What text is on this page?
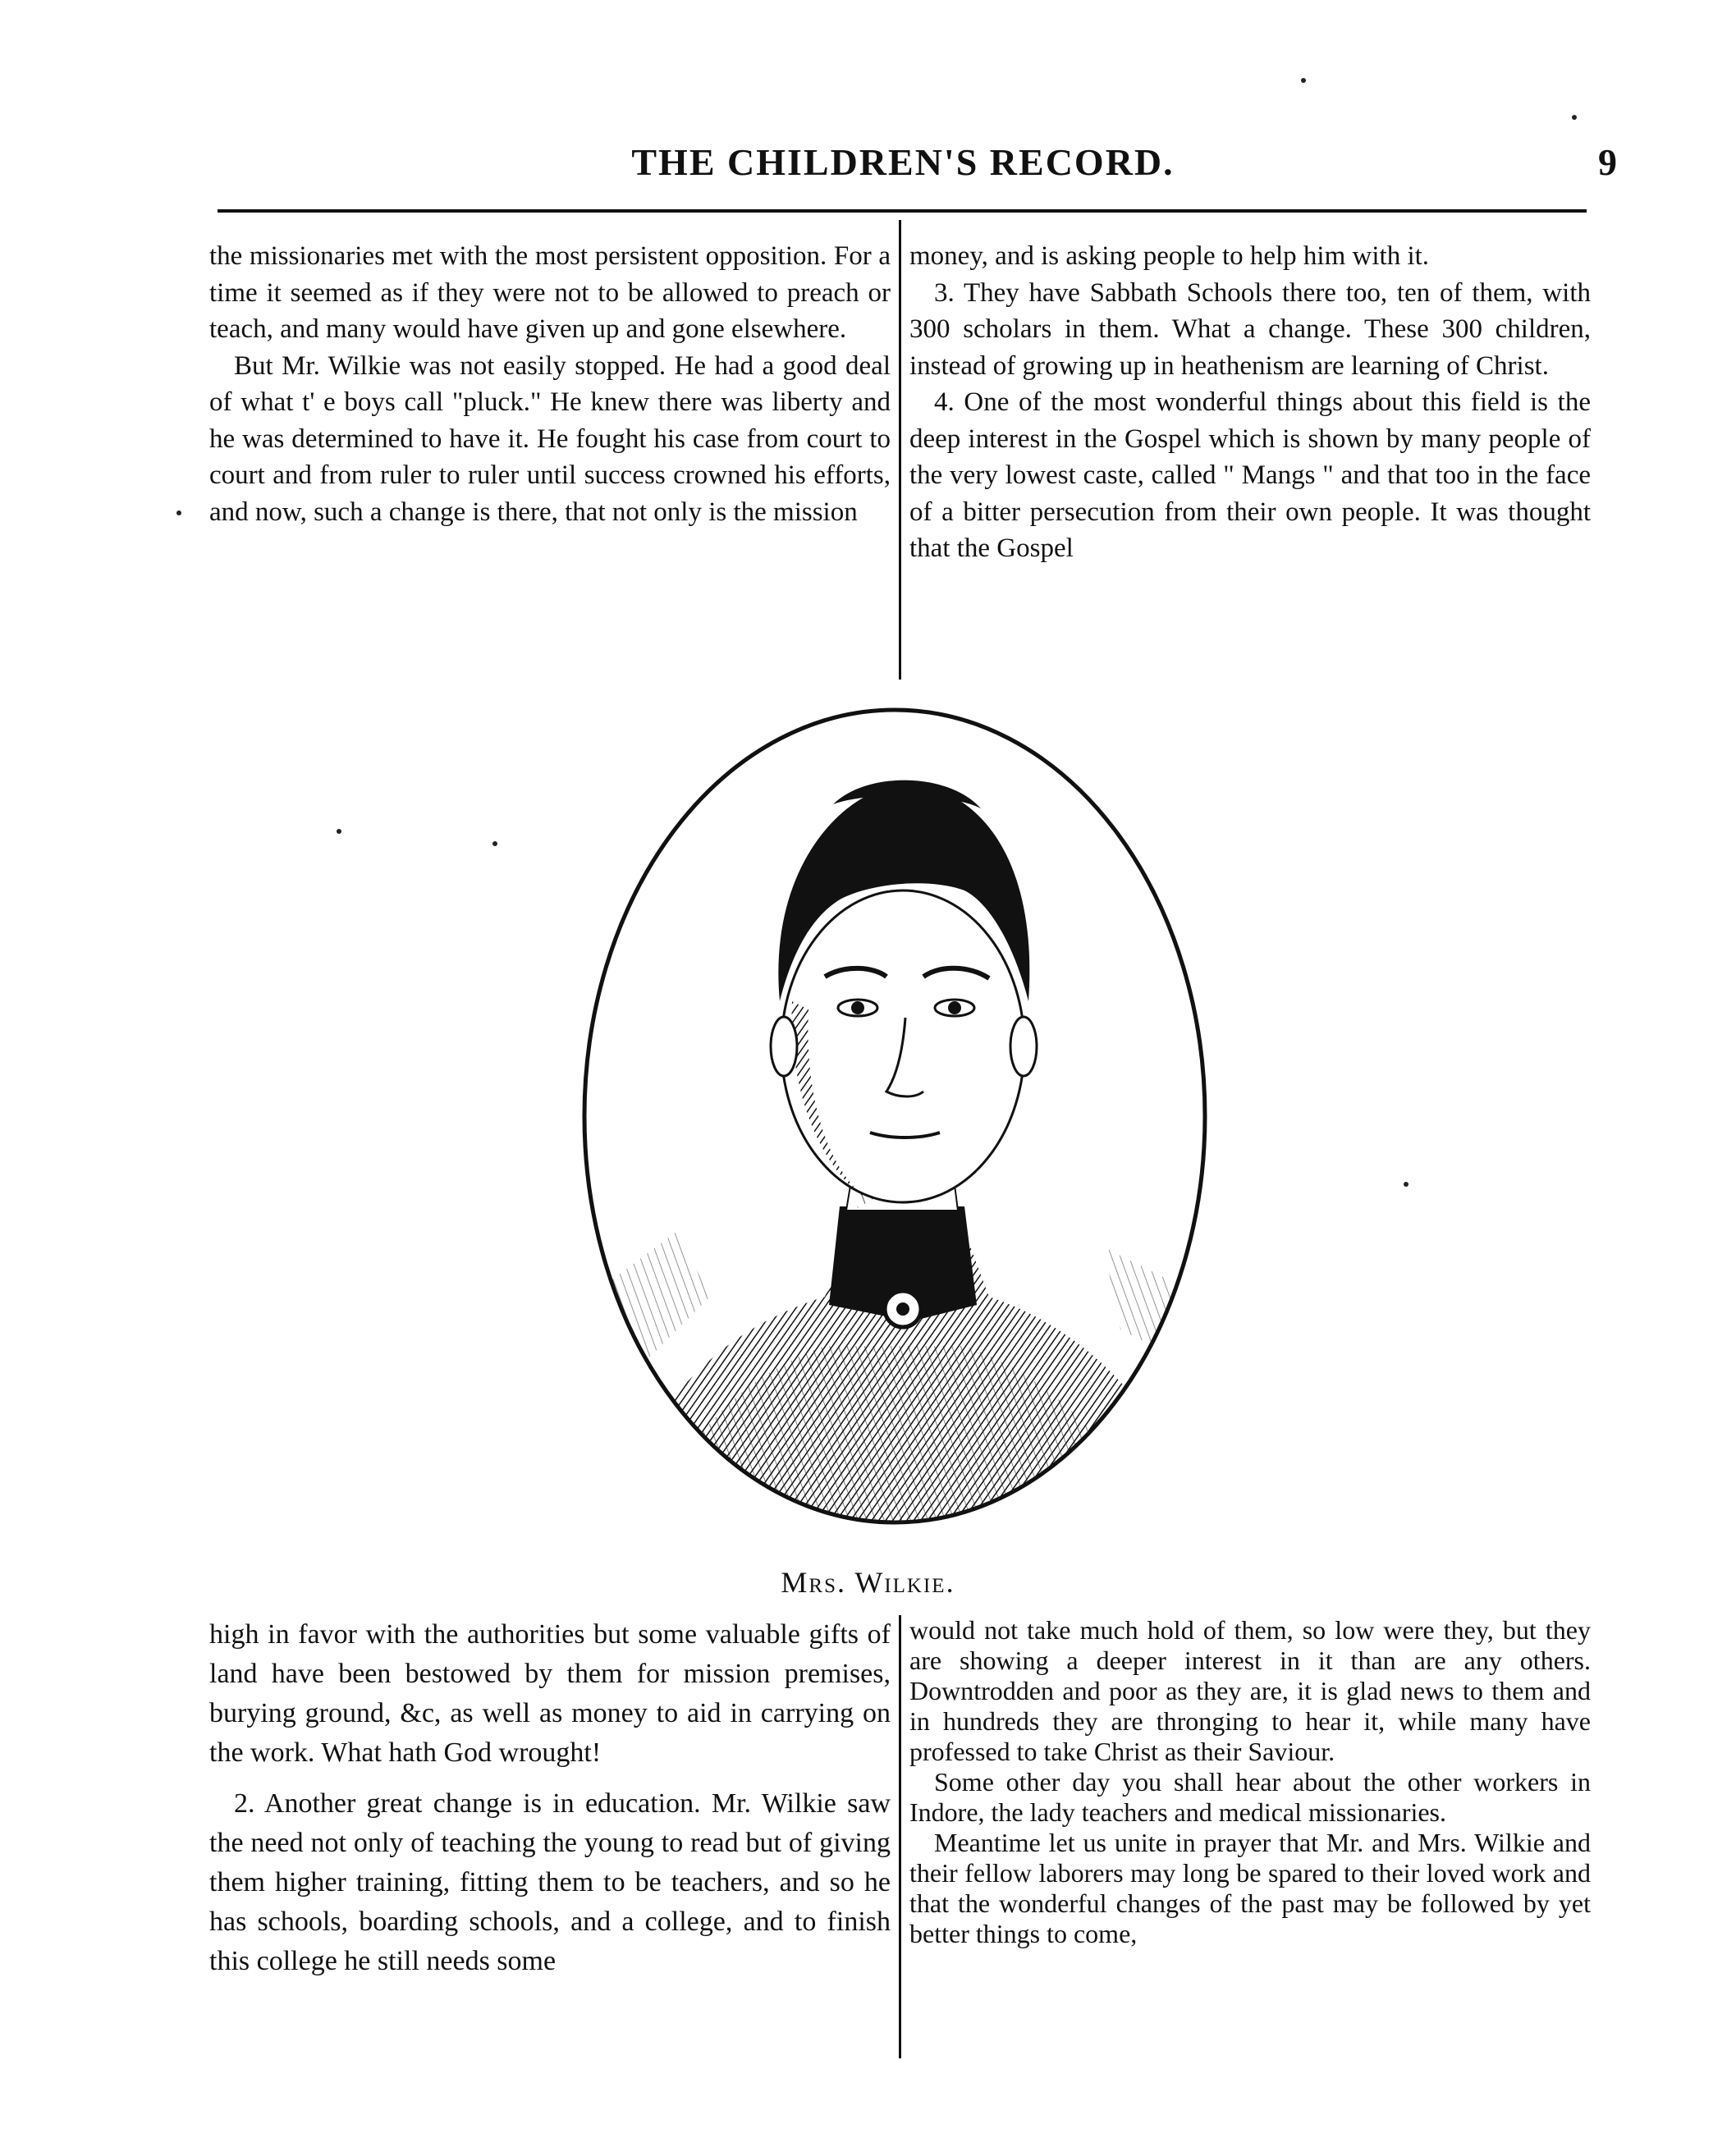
THE CHILDREN'S RECORD.	9

the missionaries met with the most persistent opposition. For a time it seemed as if they were not to be allowed to preach or teach, and many would have given up and gone elsewhere.

But Mr. Wilkie was not easily stopped. He had a good deal of what t' e boys call "pluck." He knew there was liberty and he was determined to have it. He fought his case from court to court and from ruler to ruler until success crowned his efforts, and now, such a change is there, that not only is the mission

money, and is asking people to help him with it.

3. They have Sabbath Schools there too, ten of them, with 300 scholars in them. What a change. These 300 children, instead of growing up in heathenism are learning of Christ.

4. One of the most wonderful things about this field is the deep interest in the Gospel which is shown by many people of the very lowest caste, called " Mangs " and that too in the face of a bitter persecution from their own people. It was thought that the Gospel

Mrs. Wilkie.

high in favor with the authorities but some valuable gifts of land have been bestowed by them for mission premises, burying ground, &c, as well as money to aid in carrying on the work. What hath God wrought!

2. Another great change is in education. Mr. Wilkie saw the need not only of teaching the young to read but of giving them higher training, fitting them to be teachers, and so he has schools, boarding schools, and a college, and to finish this college he still needs some

would not take much hold of them, so low were they, but they are showing a deeper interest in it than are any others. Downtrodden and poor as they are, it is glad news to them and in hundreds they are thronging to hear it, while many have professed to take Christ as their Saviour.

Some other day you shall hear about the other workers in Indore, the lady teachers and medical missionaries.

Meantime let us unite in prayer that Mr. and Mrs. Wilkie and their fellow laborers may long be spared to their loved work and that the wonderful changes of the past may be followed by yet better things to come,
